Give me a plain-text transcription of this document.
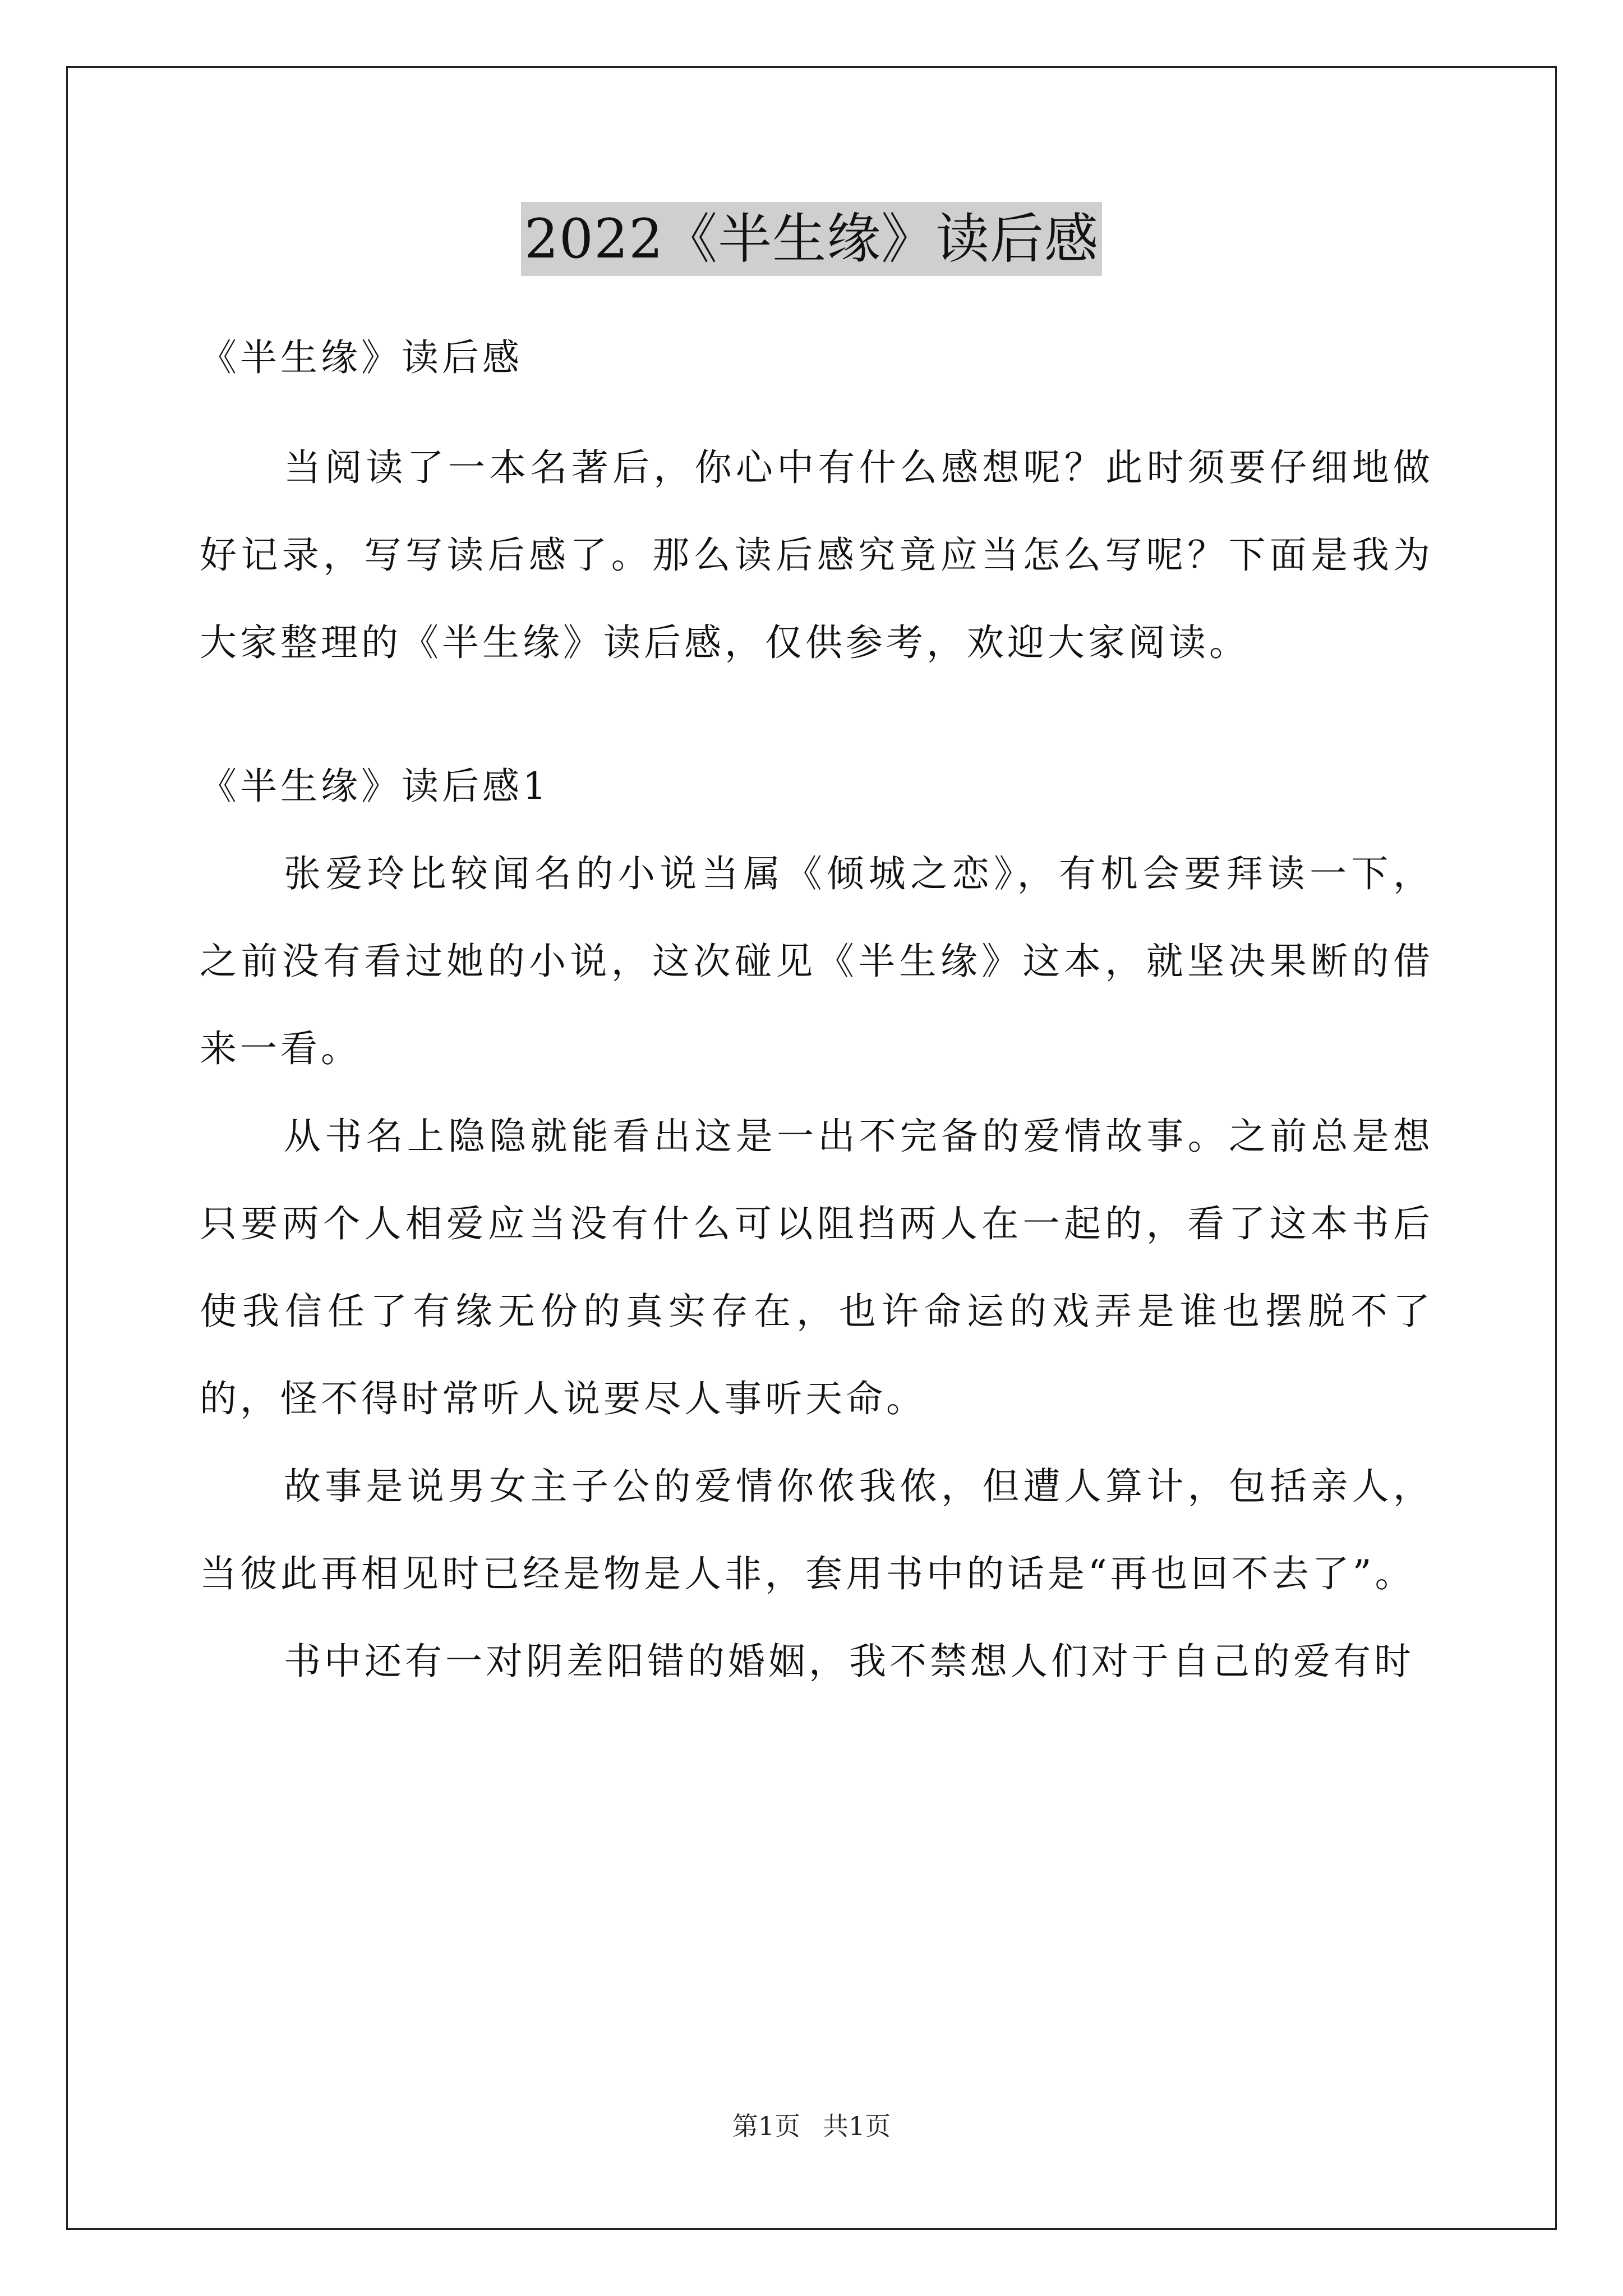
2022《半生缘》读后感

《半生缘》读后感

当阅读了一本名著后，你心中有什么感想呢？此时须要仔细地做好记录，写写读后感了。那么读后感究竟应当怎么写呢？下面是我为大家整理的《半生缘》读后感，仅供参考，欢迎大家阅读。

《半生缘》读后感1

张爱玲比较闻名的小说当属《倾城之恋》，有机会要拜读一下，之前没有看过她的小说，这次碰见《半生缘》这本，就坚决果断的借来一看。

从书名上隐隐就能看出这是一出不完备的爱情故事。之前总是想只要两个人相爱应当没有什么可以阻挡两人在一起的，看了这本书后使我信任了有缘无份的真实存在，也许命运的戏弄是谁也摆脱不了的，怪不得时常听人说要尽人事听天命。

故事是说男女主子公的爱情你侬我侬，但遭人算计，包括亲人，当彼此再相见时已经是物是人非，套用书中的话是“再也回不去了”。

书中还有一对阴差阳错的婚姻，我不禁想人们对于自己的爱有时

第1页 共1页
